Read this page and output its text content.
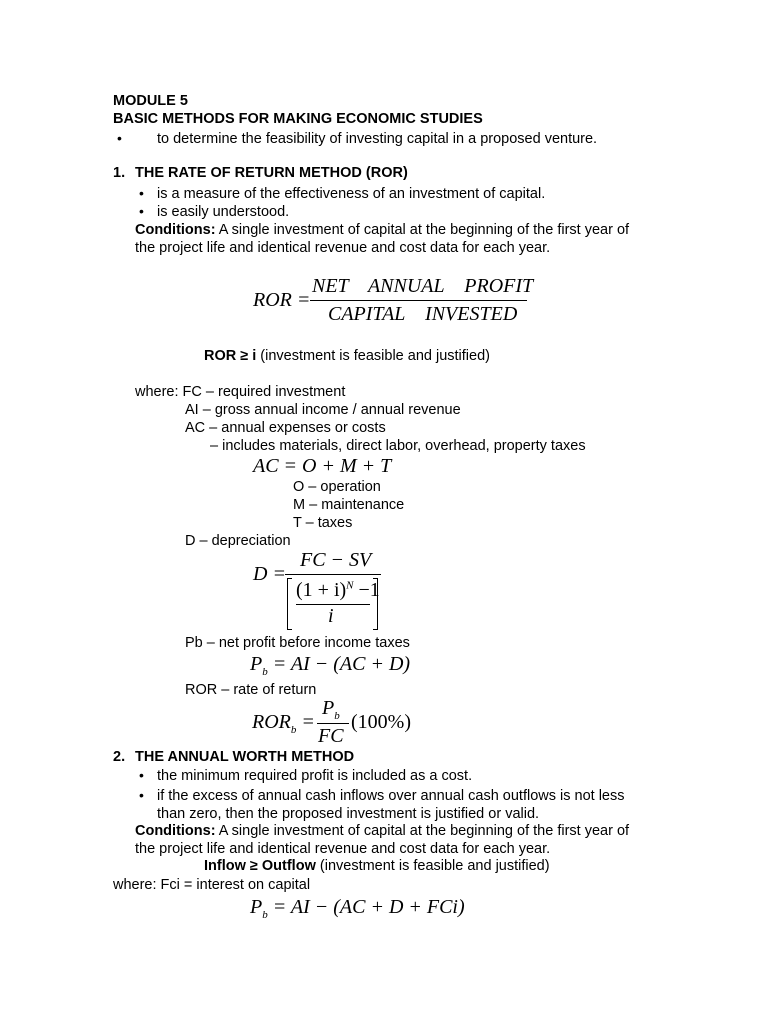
MODULE 5
BASIC METHODS FOR MAKING ECONOMIC STUDIES
• to determine the feasibility of investing capital in a proposed venture.
1. THE RATE OF RETURN METHOD (ROR)
• is a measure of the effectiveness of an investment of capital.
• is easily understood.
Conditions: A single investment of capital at the beginning of the first year of
the project life and identical revenue and cost data for each year.
ROR =
NET    ANNUAL    PROFIT
CAPITAL    INVESTED
ROR ≥ i (investment is feasible and justified)
where: FC – required investment
AI – gross annual income / annual revenue
AC – annual expenses or costs
– includes materials, direct labor, overhead, property taxes
AC = O + M + T
O – operation
M – maintenance
T – taxes
D – depreciation
D =
FC − SV
$(1 + i)^N -1$
i
Pb – net profit before income taxes
$P_b$ = AI − (AC + D)
ROR – rate of return
$ROR_b$ =
$P_b$
FC
(100%)
2. THE ANNUAL WORTH METHOD
• the minimum required profit is included as a cost.
• if the excess of annual cash inflows over annual cash outflows is not less
than zero, then the proposed investment is justified or valid.
Conditions: A single investment of capital at the beginning of the first year of
the project life and identical revenue and cost data for each year.
Inflow ≥ Outflow (investment is feasible and justified)
where: Fci = interest on capital
$P_b$ = AI − (AC + D + FCi)
